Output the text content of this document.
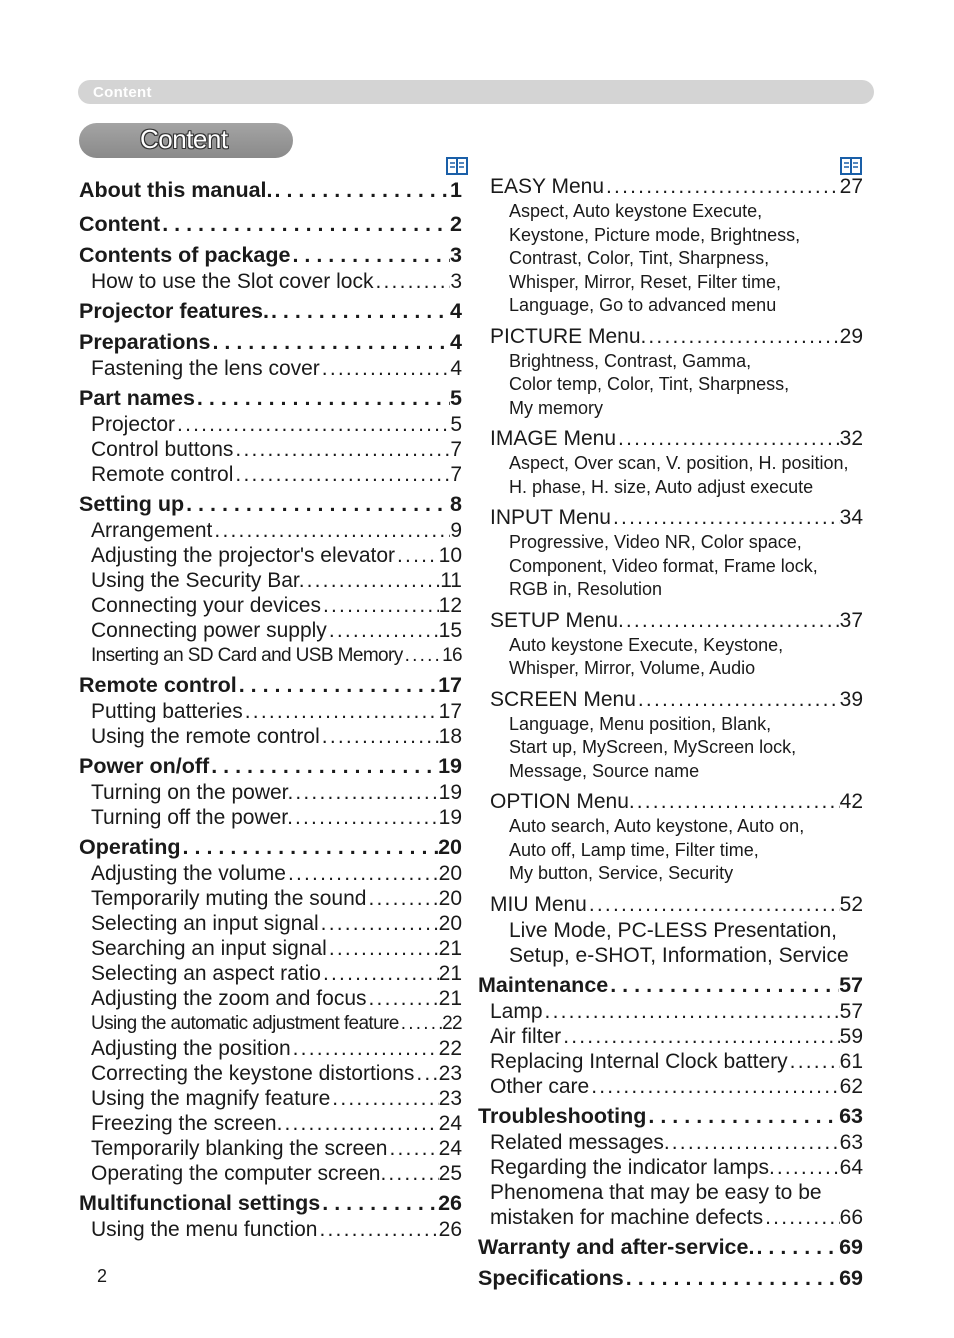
Content
Content
About this manual. . . .	1
Content . . .	2
Contents of package . . .	3
How to use the Slot cover lock .....	3
Projector features. . . .	4
Preparations . . .	4
Fastening the lens cover .....	4
Part names . . .	5
Projector .....	5
Control buttons .....	7
Remote control .....	7
Setting up . . .	8
Arrangement .....	9
Adjusting the projector's elevator ..... 10
Using the Security Bar. .....	11
Connecting your devices .....	12
Connecting power supply .....	15
Inserting an SD Card and USB Memory ..... 16
Remote control . . .	17
Putting batteries .....	17
Using the remote control .....	18
Power on/off . . .	19
Turning on the power. .....	19
Turning off the power. .....	19
Operating . . .	20
Adjusting the volume .....	20
Temporarily muting the sound .....	20
Selecting an input signal .....	20
Searching an input signal .....	21
Selecting an aspect ratio .....	21
Adjusting the zoom and focus .....	21
Using the automatic adjustment feature ..... 22
Adjusting the position .....	22
Correcting the keystone distortions ..... 23
Using the magnify feature .....	23
Freezing the screen. .....	24
Temporarily blanking the screen ..... 24
Operating the computer screen. ..... 25
Multifunctional settings . . .	26
Using the menu function .....	26
EASY Menu .....	27
Aspect, Auto keystone Execute,
Keystone, Picture mode, Brightness,
Contrast, Color, Tint, Sharpness,
Whisper, Mirror, Reset, Filter time,
Language, Go to advanced menu
PICTURE Menu. .....	29
Brightness, Contrast, Gamma,
Color temp, Color, Tint, Sharpness,
My memory
IMAGE Menu .....	32
Aspect, Over scan, V. position, H. position,
H. phase, H. size, Auto adjust execute
INPUT Menu .....	34
Progressive, Video NR, Color space,
Component, Video format, Frame lock,
RGB in, Resolution
SETUP Menu. .....	37
Auto keystone Execute, Keystone,
Whisper, Mirror, Volume, Audio
SCREEN Menu .....	39
Language, Menu position, Blank,
Start up, MyScreen, MyScreen lock,
Message, Source name
OPTION Menu. .....	42
Auto search, Auto keystone, Auto on,
Auto off, Lamp time, Filter time,
My button, Service, Security
MIU Menu .....	52
Live Mode, PC-LESS Presentation,
Setup, e-SHOT, Information, Service
Maintenance . . .	57
Lamp .....	57
Air filter .....	59
Replacing Internal Clock battery ..... 61
Other care .....	62
Troubleshooting . . .	63
Related messages. .....	63
Regarding the indicator lamps. .....	64
Phenomena that may be easy to be
mistaken for machine defects .....	66
Warranty and after-service. . . .	69
Specifications . . .	69
2
